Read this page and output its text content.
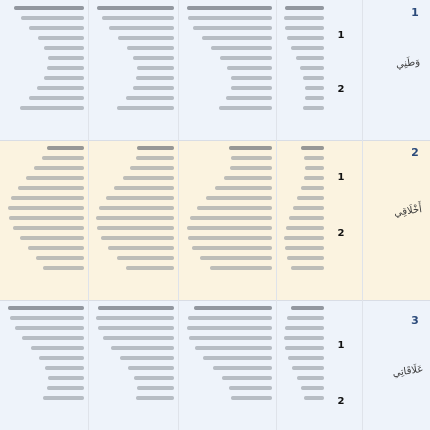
1
وَطَنِي
1
2
2
أَخْلَاقِي
1
2
3
عَلَاقَاتِي
1
2
